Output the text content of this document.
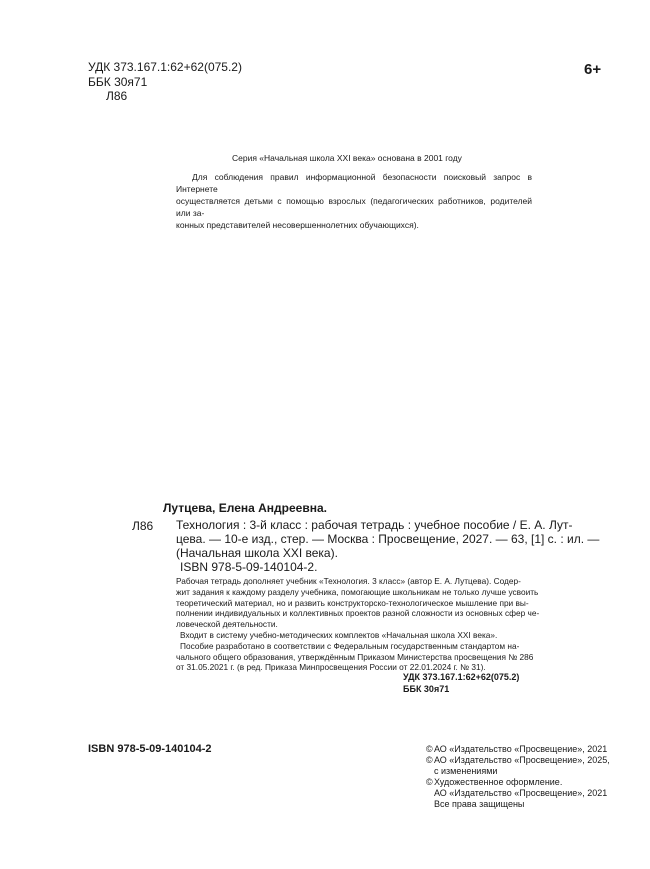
УДК 373.167.1:62+62(075.2)
ББК 30я71
Л86
6+
Серия «Начальная школа XXI века» основана в 2001 году
Для соблюдения правил информационной безопасности поисковый запрос в Интернете
осуществляется детьми с помощью взрослых (педагогических работников, родителей или за-
конных представителей несовершеннолетних обучающихся).
Лутцева, Елена Андреевна.
Л86 Технология : 3-й класс : рабочая тетрадь : учебное пособие / Е. А. Лут-
цева. — 10-е изд., стер. — Москва : Просвещение, 2027. — 63, [1] с. : ил. —
(Начальная школа XXI века).
ISBN 978-5-09-140104-2.
Рабочая тетрадь дополняет учебник «Технология. 3 класс» (автор Е. А. Лутцева). Содер-
жит задания к каждому разделу учебника, помогающие школьникам не только лучше усвоить
теоретический материал, но и развить конструкторско-технологическое мышление при вы-
полнении индивидуальных и коллективных проектов разной сложности из основных сфер че-
ловеческой деятельности.
Входит в систему учебно-методических комплектов «Начальная школа XXI века».
Пособие разработано в соответствии с Федеральным государственным стандартом на-
чального общего образования, утверждённым Приказом Министерства просвещения № 286
от 31.05.2021 г. (в ред. Приказа Минпросвещения России от 22.01.2024 г. № 31).
УДК 373.167.1:62+62(075.2)
ББК 30я71
ISBN 978-5-09-140104-2	© АО «Издательство «Просвещение», 2021
© АО «Издательство «Просвещение», 2025,
с изменениями
© Художественное оформление.
АО «Издательство «Просвещение», 2021
Все права защищены
